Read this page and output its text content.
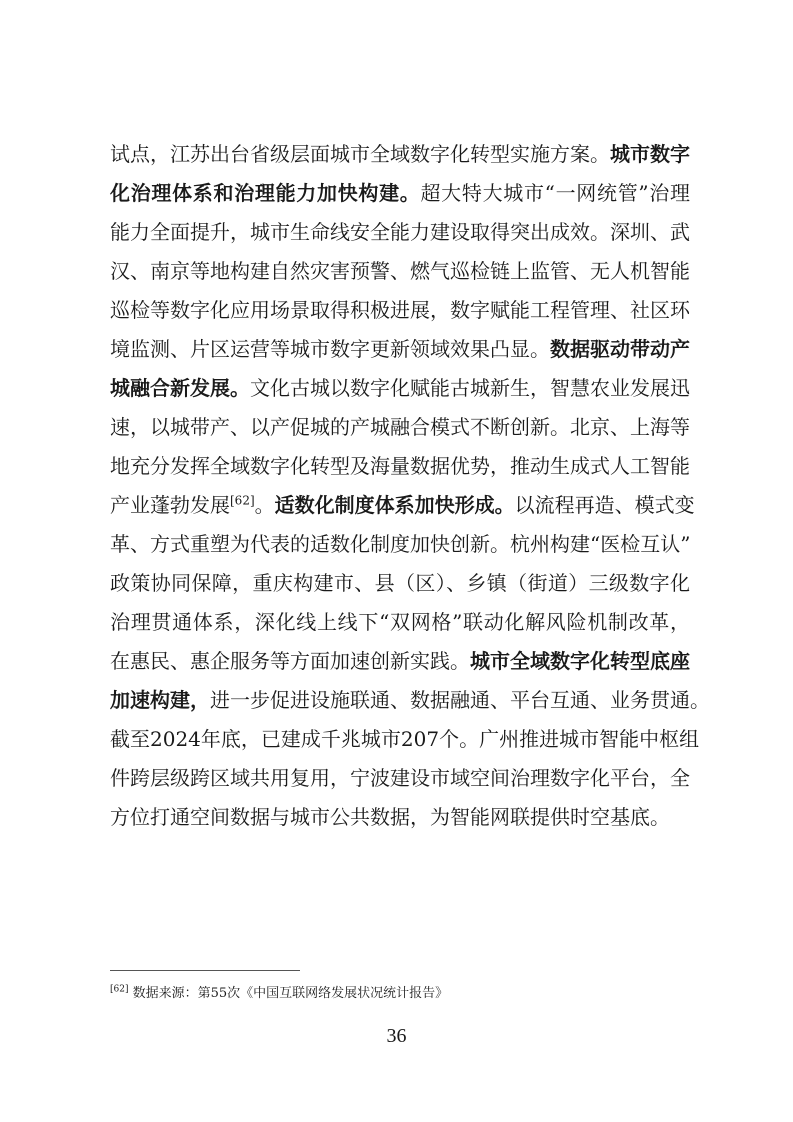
试点，江苏出台省级层面城市全域数字化转型实施方案。城市数字
化治理体系和治理能力加快构建。超大特大城市“一网统管”治理
能力全面提升，城市生命线安全能力建设取得突出成效。深圳、武
汉、南京等地构建自然灾害预警、燃气巡检链上监管、无人机智能
巡检等数字化应用场景取得积极进展，数字赋能工程管理、社区环
境监测、片区运营等城市数字更新领域效果凸显。数据驱动带动产
城融合新发展。文化古城以数字化赋能古城新生，智慧农业发展迅
速，以城带产、以产促城的产城融合模式不断创新。北京、上海等
地充分发挥全域数字化转型及海量数据优势，推动生成式人工智能
产业蓬勃发展[62]。适数化制度体系加快形成。以流程再造、模式变
革、方式重塑为代表的适数化制度加快创新。杭州构建“医检互认”
政策协同保障，重庆构建市、县（区）、乡镇（街道）三级数字化
治理贯通体系，深化线上线下“双网格”联动化解风险机制改革，
在惠民、惠企服务等方面加速创新实践。城市全域数字化转型底座
加速构建，进一步促进设施联通、数据融通、平台互通、业务贯通。
截至2024年底，已建成千兆城市207个。广州推进城市智能中枢组
件跨层级跨区域共用复用，宁波建设市域空间治理数字化平台，全
方位打通空间数据与城市公共数据，为智能网联提供时空基底。
[62] 数据来源：第55次《中国互联网络发展状况统计报告》
36
